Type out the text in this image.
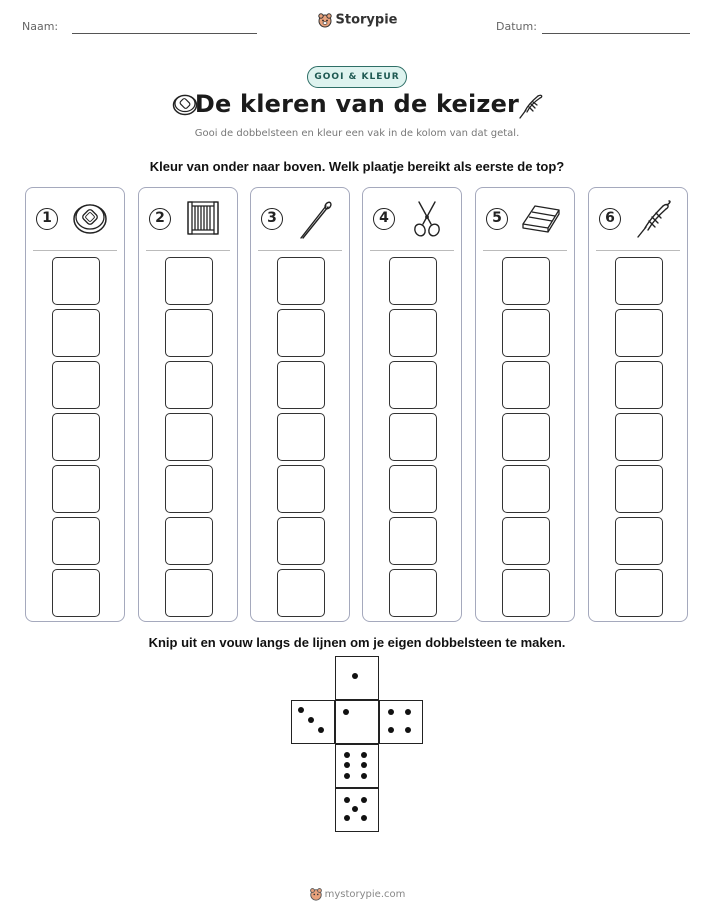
Naam:	Storypie	Datum:
GOOI & KLEUR
De kleren van de keizer
Gooi de dobbelsteen en kleur een vak in de kolom van dat getal.
Kleur van onder naar boven. Welk plaatje bereikt als eerste de top?
1	2	3	4	5	6
Knip uit en vouw langs de lijnen om je eigen dobbelsteen te maken.
mystorypie.com
